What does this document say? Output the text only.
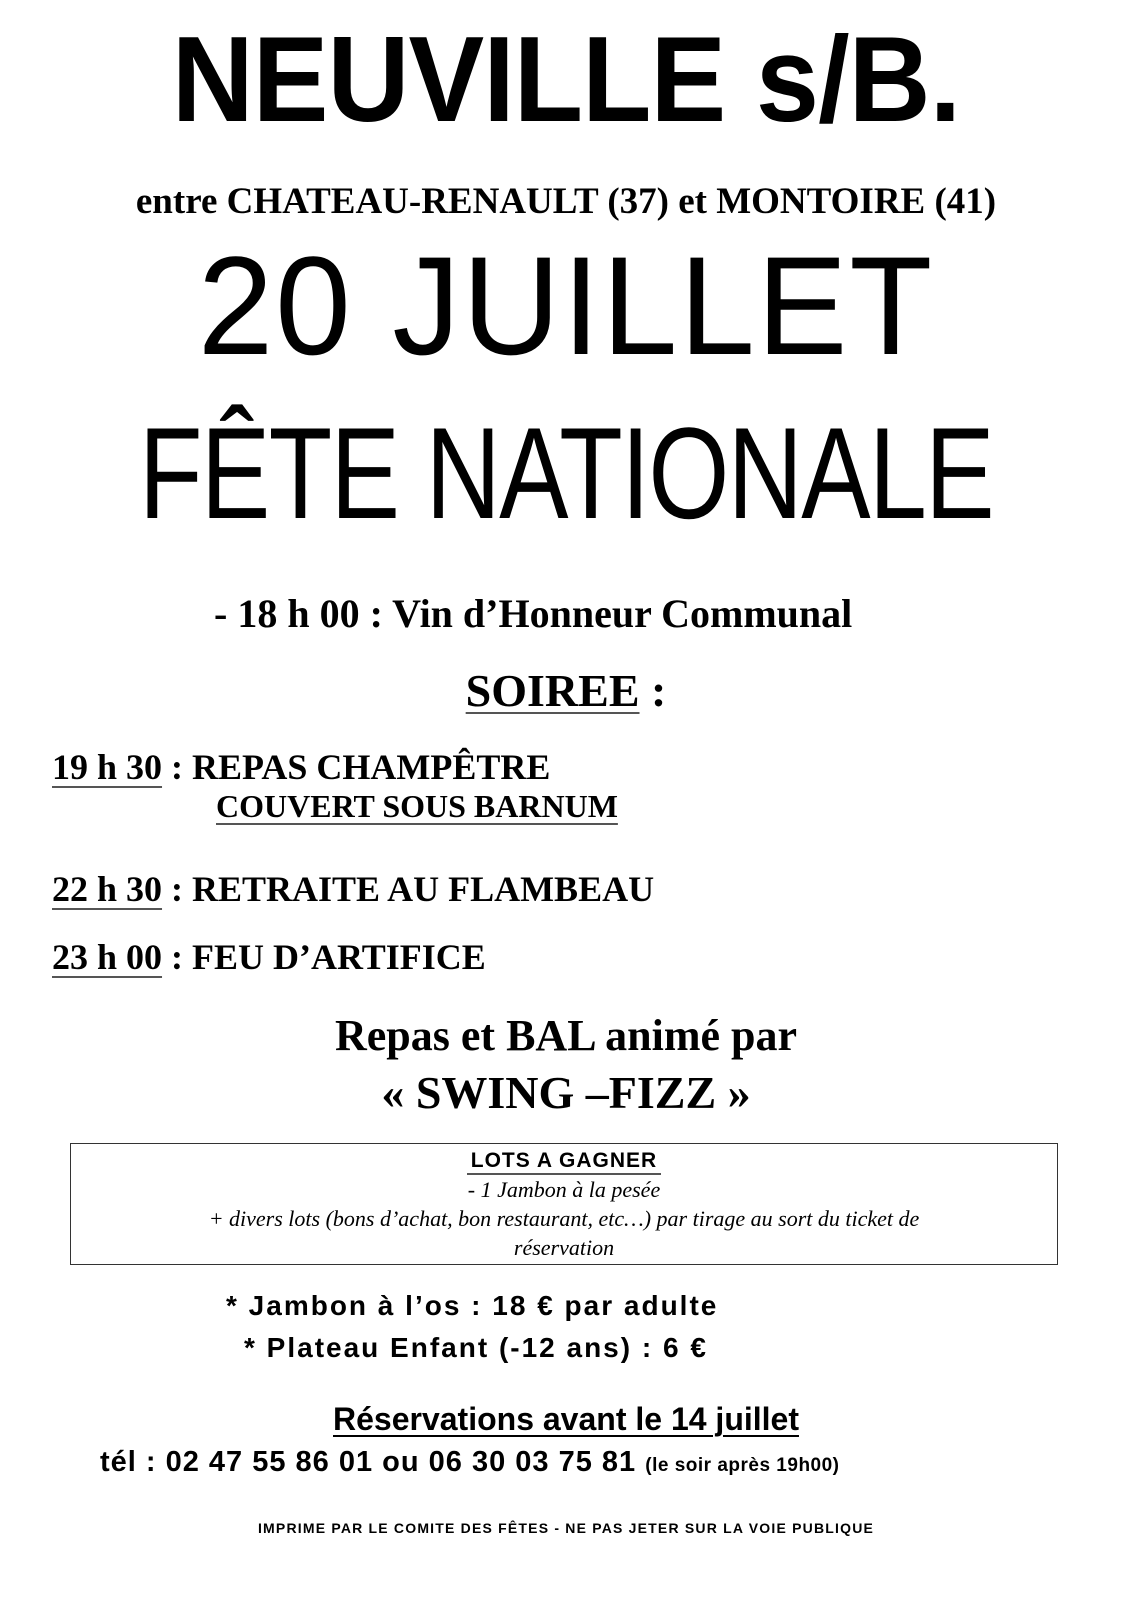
NEUVILLE s/B.
entre CHATEAU-RENAULT (37) et MONTOIRE (41)
20 JUILLET
FÊTE NATIONALE
- 18 h 00 : Vin d’Honneur Communal
SOIREE :
19 h 30 : REPAS CHAMPÊTRE
COUVERT SOUS BARNUM
22 h 30 : RETRAITE AU FLAMBEAU
23 h 00 : FEU D’ARTIFICE
Repas et BAL animé par
« SWING –FIZZ »
LOTS A GAGNER
- 1 Jambon à la pesée
+ divers lots (bons d’achat, bon restaurant, etc…) par tirage au sort du ticket de
réservation
* Jambon à l’os : 18 € par adulte
* Plateau Enfant (-12 ans) : 6 €
Réservations avant le 14 juillet
tél : 02 47 55 86 01 ou 06 30 03 75 81 (le soir après 19h00)
IMPRIME PAR LE COMITE DES FÊTES - NE PAS JETER SUR LA VOIE PUBLIQUE
